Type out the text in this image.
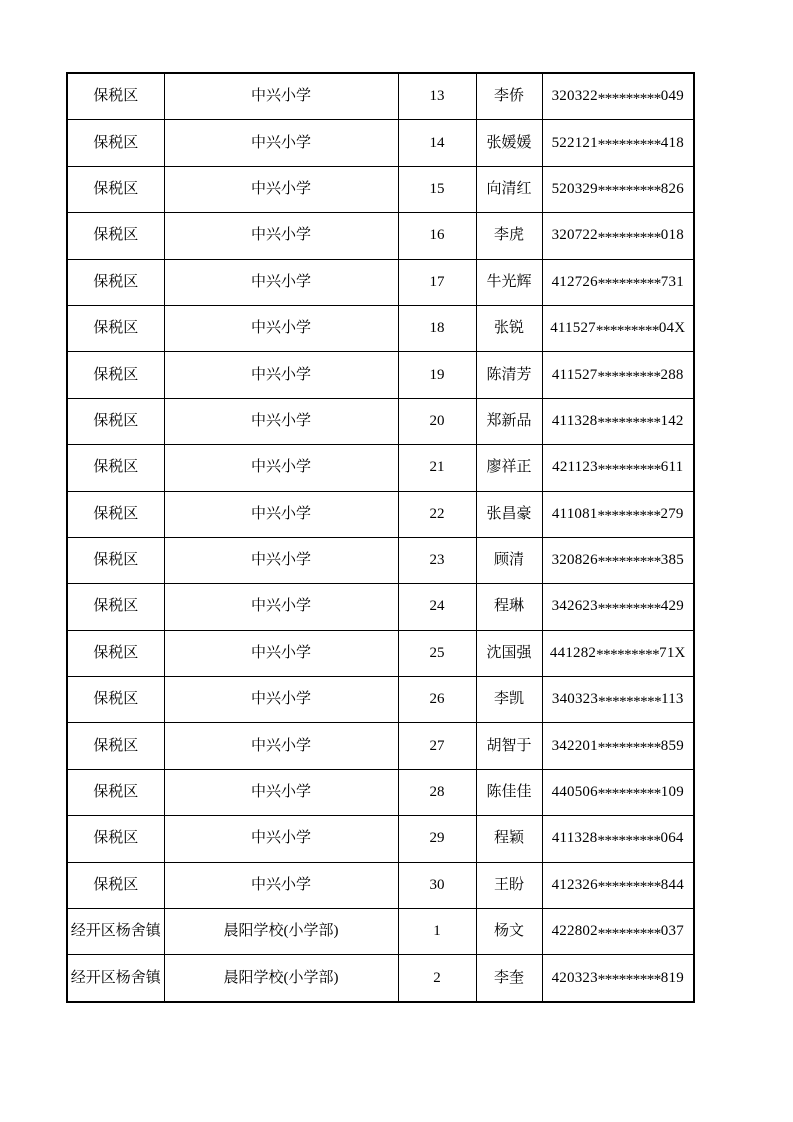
保税区	中兴小学	13	李侨	320322*********049
保税区	中兴小学	14	张媛媛	522121*********418
保税区	中兴小学	15	向清红	520329*********826
保税区	中兴小学	16	李虎	320722*********018
保税区	中兴小学	17	牛光辉	412726*********731
保税区	中兴小学	18	张锐	411527*********04X
保税区	中兴小学	19	陈清芳	411527*********288
保税区	中兴小学	20	郑新品	411328*********142
保税区	中兴小学	21	廖祥正	421123*********611
保税区	中兴小学	22	张昌豪	411081*********279
保税区	中兴小学	23	顾清	320826*********385
保税区	中兴小学	24	程琳	342623*********429
保税区	中兴小学	25	沈国强	441282*********71X
保税区	中兴小学	26	李凯	340323*********113
保税区	中兴小学	27	胡智于	342201*********859
保税区	中兴小学	28	陈佳佳	440506*********109
保税区	中兴小学	29	程颖	411328*********064
保税区	中兴小学	30	王盼	412326*********844
经开区杨舍镇	晨阳学校(小学部)	1	杨文	422802*********037
经开区杨舍镇	晨阳学校(小学部)	2	李奎	420323*********819
